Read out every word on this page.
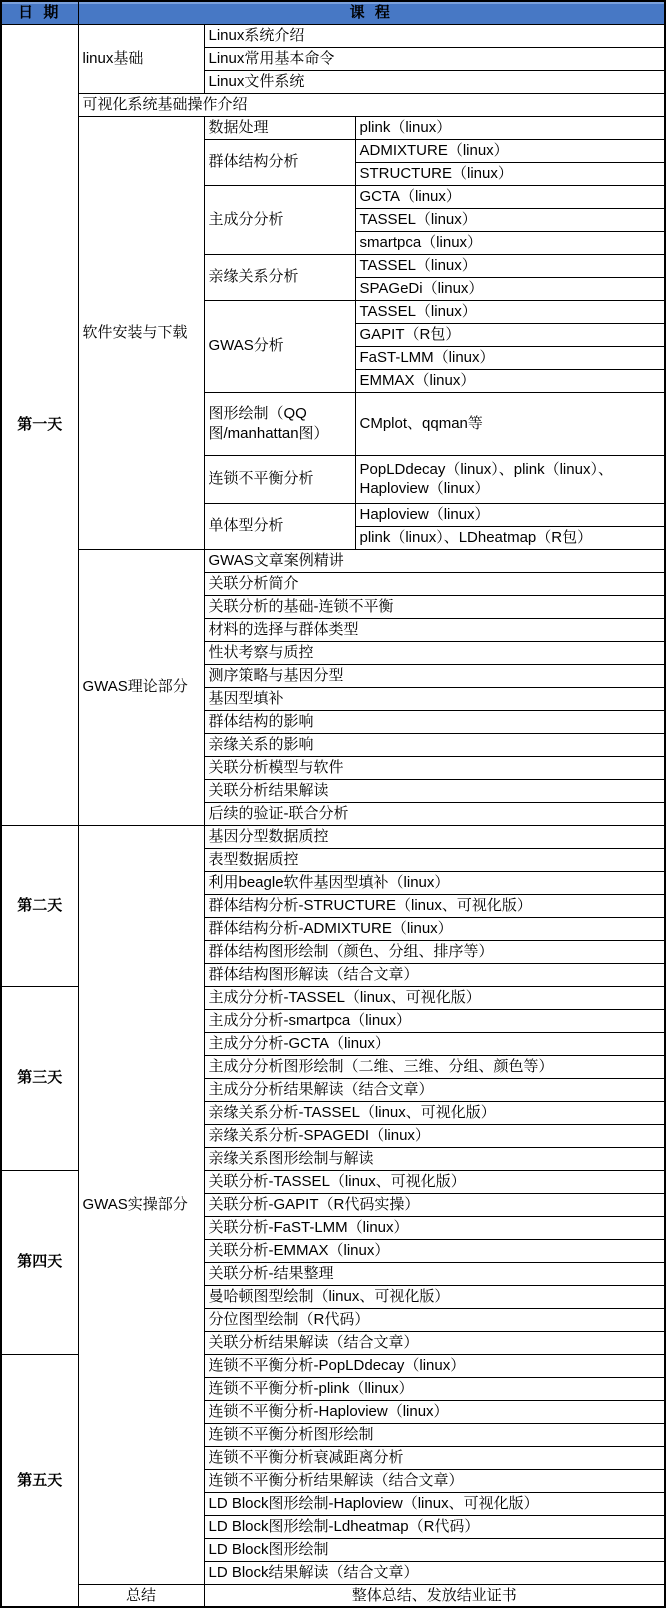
日 期	课 程		
第一天	linux基础	Linux系统介绍	
		Linux常用基本命令	
		Linux文件系统	
	可视化系统基础操作介绍		
	软件安装与下载	数据处理	plink（linux）
		群体结构分析	ADMIXTURE（linux）
			STRUCTURE（linux）
		主成分分析	GCTA（linux）
			TASSEL（linux）
			smartpca（linux）
		亲缘关系分析	TASSEL（linux）
			SPAGeDi（linux）
		GWAS分析	TASSEL（linux）
			GAPIT（R包）
			FaST-LMM（linux）
			EMMAX（linux）
		图形绘制（QQ图/manhattan图）	CMplot、qqman等
		连锁不平衡分析	PopLDdecay（linux）、plink（linux）、Haploview（linux）
		单体型分析	Haploview（linux）
			plink（linux）、LDheatmap（R包）
	GWAS理论部分	GWAS文章案例精讲	
		关联分析简介	
		关联分析的基础-连锁不平衡	
		材料的选择与群体类型	
		性状考察与质控	
		测序策略与基因分型	
		基因型填补	
		群体结构的影响	
		亲缘关系的影响	
		关联分析模型与软件	
		关联分析结果解读	
		后续的验证-联合分析	
第二天	GWAS实操部分	基因分型数据质控	
		表型数据质控	
		利用beagle软件基因型填补（linux）	
		群体结构分析-STRUCTURE（linux、可视化版）	
		群体结构分析-ADMIXTURE（linux）	
		群体结构图形绘制（颜色、分组、排序等）	
		群体结构图形解读（结合文章）	
第三天		主成分分析-TASSEL（linux、可视化版）	
		主成分分析-smartpca（linux）	
		主成分分析-GCTA（linux）	
		主成分分析图形绘制（二维、三维、分组、颜色等）	
		主成分分析结果解读（结合文章）	
		亲缘关系分析-TASSEL（linux、可视化版）	
		亲缘关系分析-SPAGEDI（linux）	
		亲缘关系图形绘制与解读	
第四天		关联分析-TASSEL（linux、可视化版）	
		关联分析-GAPIT（R代码实操）	
		关联分析-FaST-LMM（linux）	
		关联分析-EMMAX（linux）	
		关联分析-结果整理	
		曼哈顿图型绘制（linux、可视化版）	
		分位图型绘制（R代码）	
		关联分析结果解读（结合文章）	
第五天		连锁不平衡分析-PopLDdecay（linux）	
		连锁不平衡分析-plink（llinux）	
		连锁不平衡分析-Haploview（linux）	
		连锁不平衡分析图形绘制	
		连锁不平衡分析衰减距离分析	
		连锁不平衡分析结果解读（结合文章）	
		LD Block图形绘制-Haploview（linux、可视化版）	
		LD Block图形绘制-Ldheatmap（R代码）	
		LD Block图形绘制	
		LD Block结果解读（结合文章）	
	总结	整体总结、发放结业证书	
